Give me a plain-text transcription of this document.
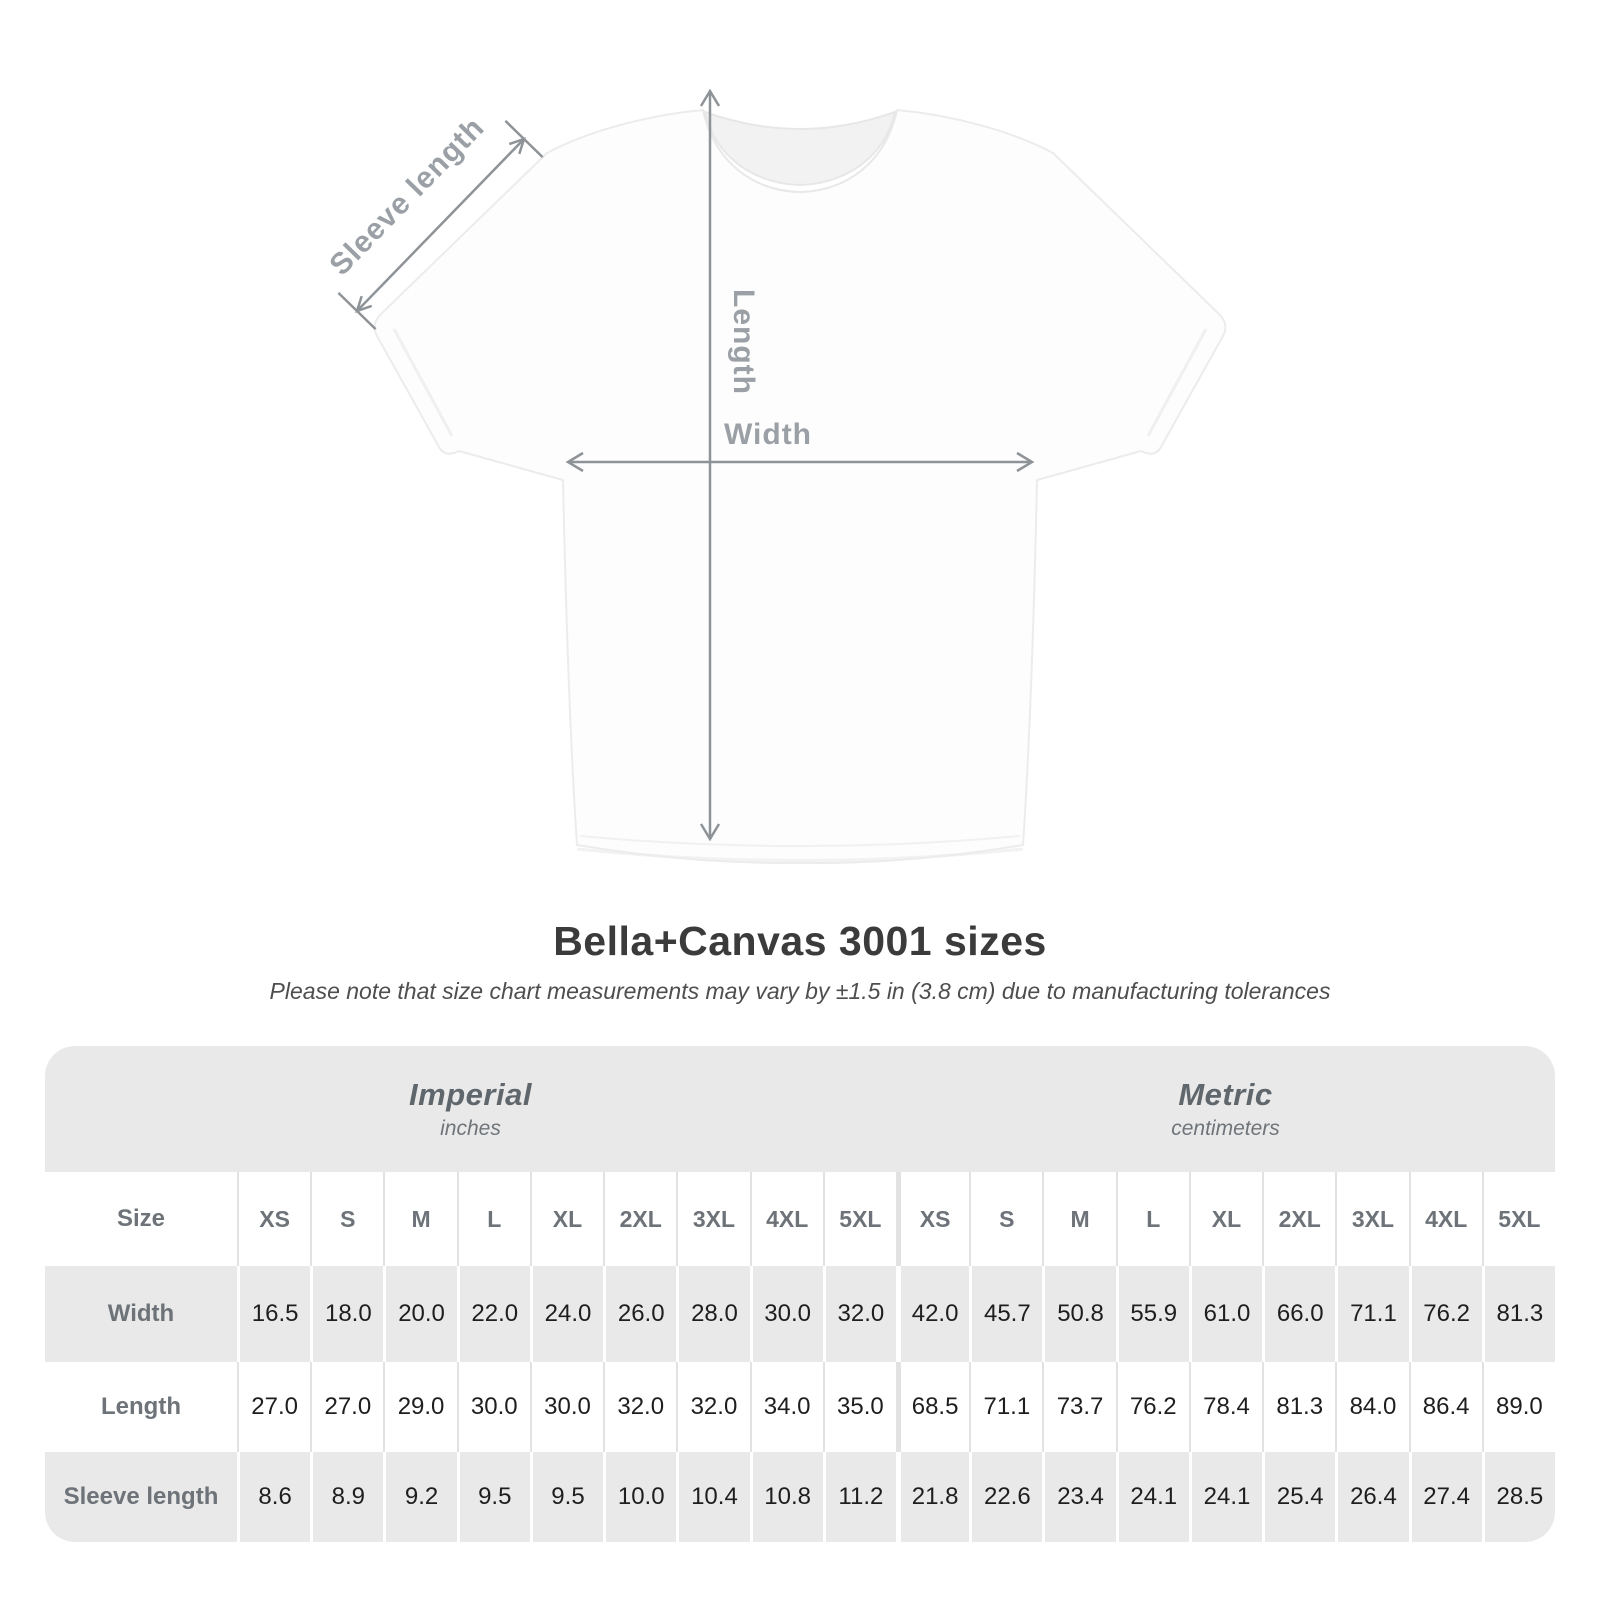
Sleeve length
Length
Width
Bella+Canvas 3001 sizes
Please note that size chart measurements may vary by ±1.5 in (3.8 cm) due to manufacturing tolerances
Imperial
inches
Metric
centimeters
Size	XS	S	M	L	XL	2XL	3XL	4XL	5XL	XS	S	M	L	XL	2XL	3XL	4XL	5XL
Width	16.5	18.0	20.0	22.0	24.0	26.0	28.0	30.0	32.0	42.0	45.7	50.8	55.9	61.0	66.0	71.1	76.2	81.3
Length	27.0	27.0	29.0	30.0	30.0	32.0	32.0	34.0	35.0	68.5	71.1	73.7	76.2	78.4	81.3	84.0	86.4	89.0
Sleeve length	8.6	8.9	9.2	9.5	9.5	10.0	10.4	10.8	11.2	21.8	22.6	23.4	24.1	24.1	25.4	26.4	27.4	28.5
